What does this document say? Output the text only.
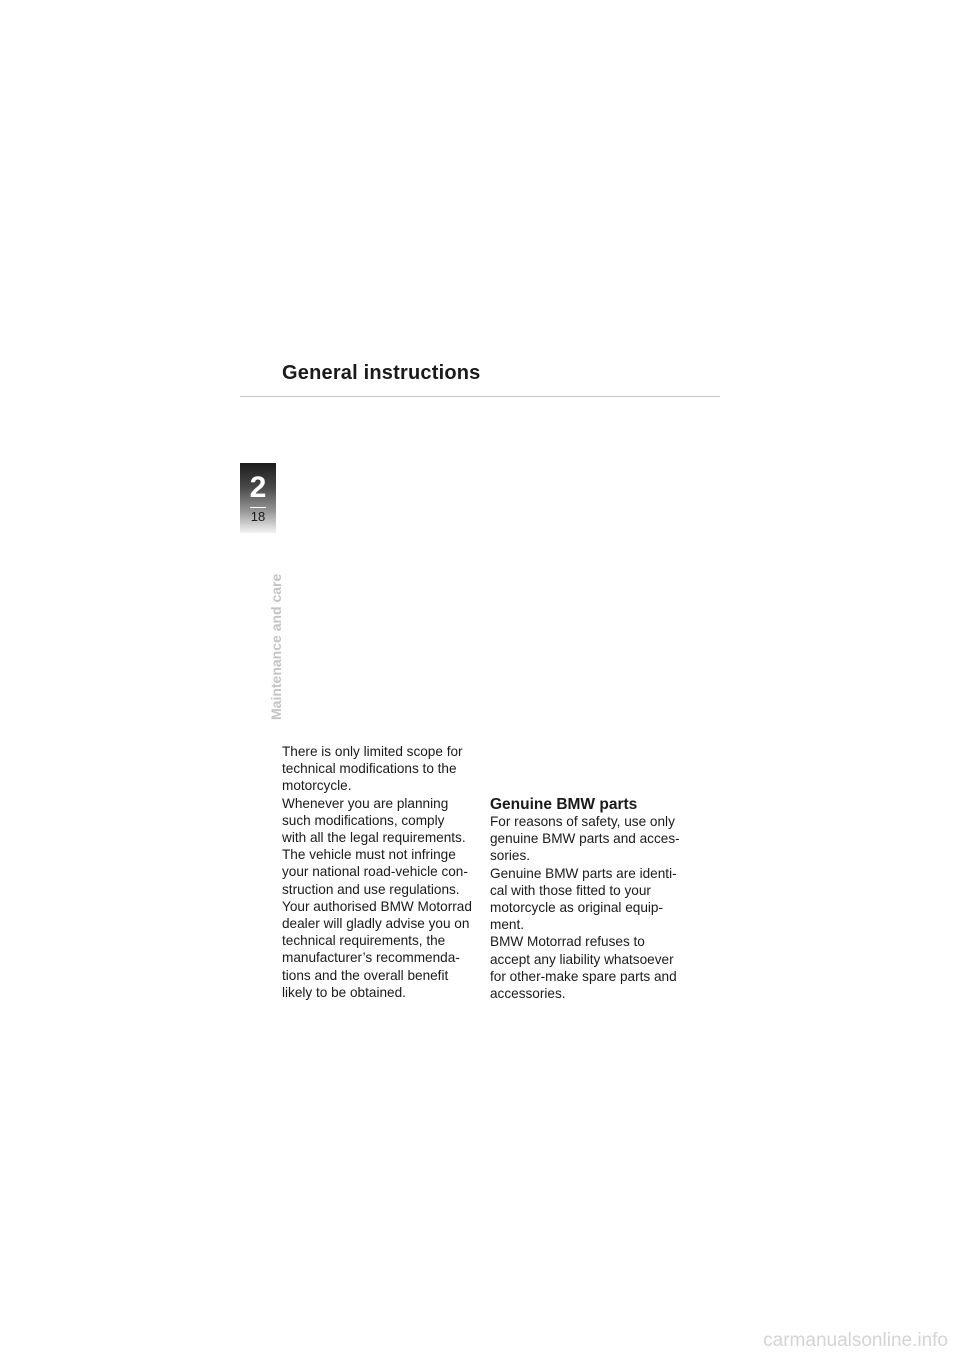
General instructions
2
18
Maintenance and care

There is only limited scope for

technical modifications to the

motorcycle.

Whenever you are planning

such modifications, comply

with all the legal requirements.

The vehicle must not infringe

your national road-vehicle con-

struction and use regulations.

Your authorised BMW Motorrad

dealer will gladly advise you on

technical requirements, the

manufacturer’s recommenda-

tions and the overall benefit

likely to be obtained.

Genuine BMW parts

For reasons of safety, use only

genuine BMW parts and acces-

sories.

Genuine BMW parts are identi-

cal with those fitted to your

motorcycle as original equip-

ment.

BMW Motorrad refuses to

accept any liability whatsoever

for other-make spare parts and

accessories.

carmanualsonline.info
